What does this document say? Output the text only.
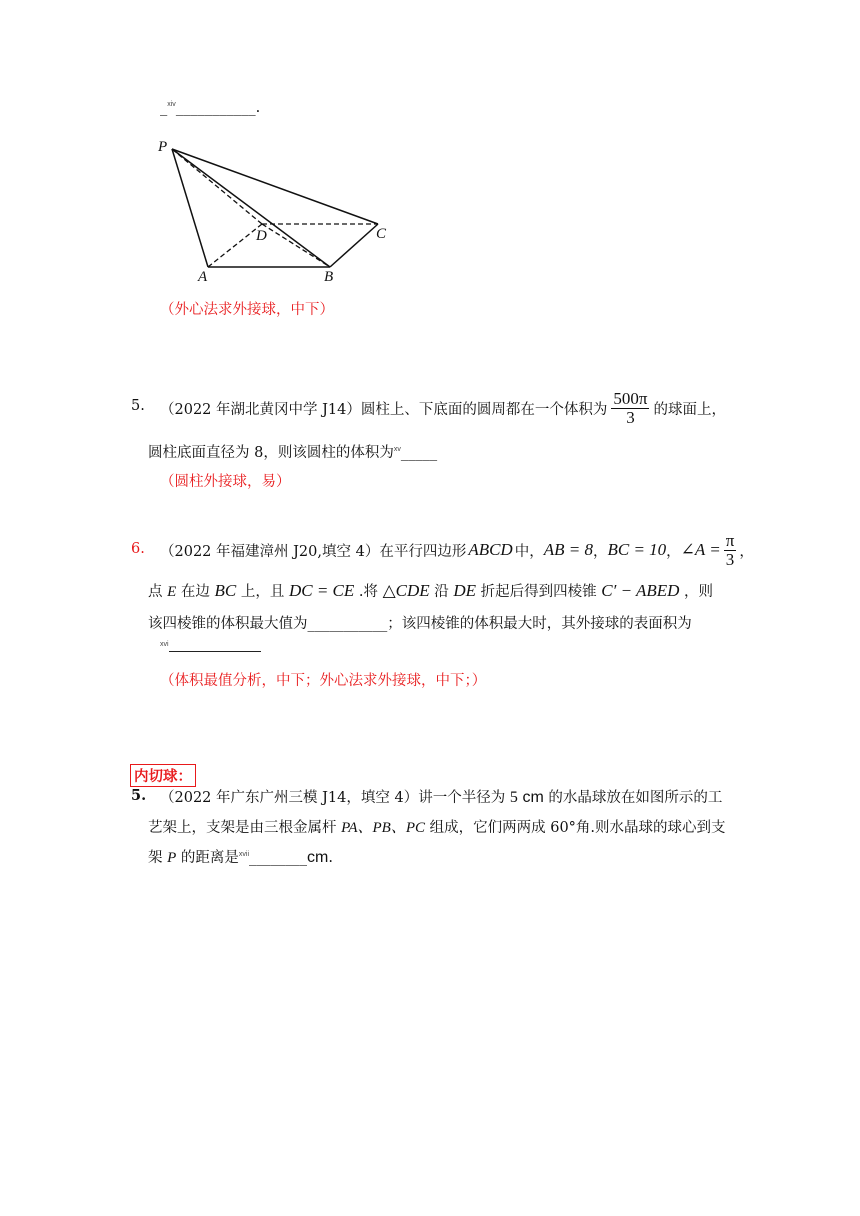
_$^{xiv}$___________.
P
D	C
A	B
（外心法求外接球，中下）
5. （2022 年湖北黄冈中学 J14）圆柱上、下底面的圆周都在一个体积为 $\frac{500\pi}{3}$ 的球面上，
圆柱底面直径为 8，则该圆柱的体积为$^{xv}$_____
（圆柱外接球，易）
6. （2022 年福建漳州 J20,填空 4）在平行四边形 ABCD 中， AB = 8 ， BC = 10 ， ∠A = $\frac{\pi}{3}$ ，
点 E 在边 BC 上，且 DC = CE .将 △CDE 沿 DE 折起后得到四棱锥 C′ − ABED ，则
该四棱锥的体积最大值为___________；该四棱锥的体积最大时，其外接球的表面积为
$^{xvi}$
（体积最值分析，中下；外心法求外接球，中下；）
内切球：
5. （2022 年广东广州三模 J14，填空 4）讲一个半径为 5 cm 的水晶球放在如图所示的工
艺架上，支架是由三根金属杆 PA、PB、PC 组成，它们两两成 60°角.则水晶球的球心到支
架 P 的距离是$^{xvii}$________cm.
